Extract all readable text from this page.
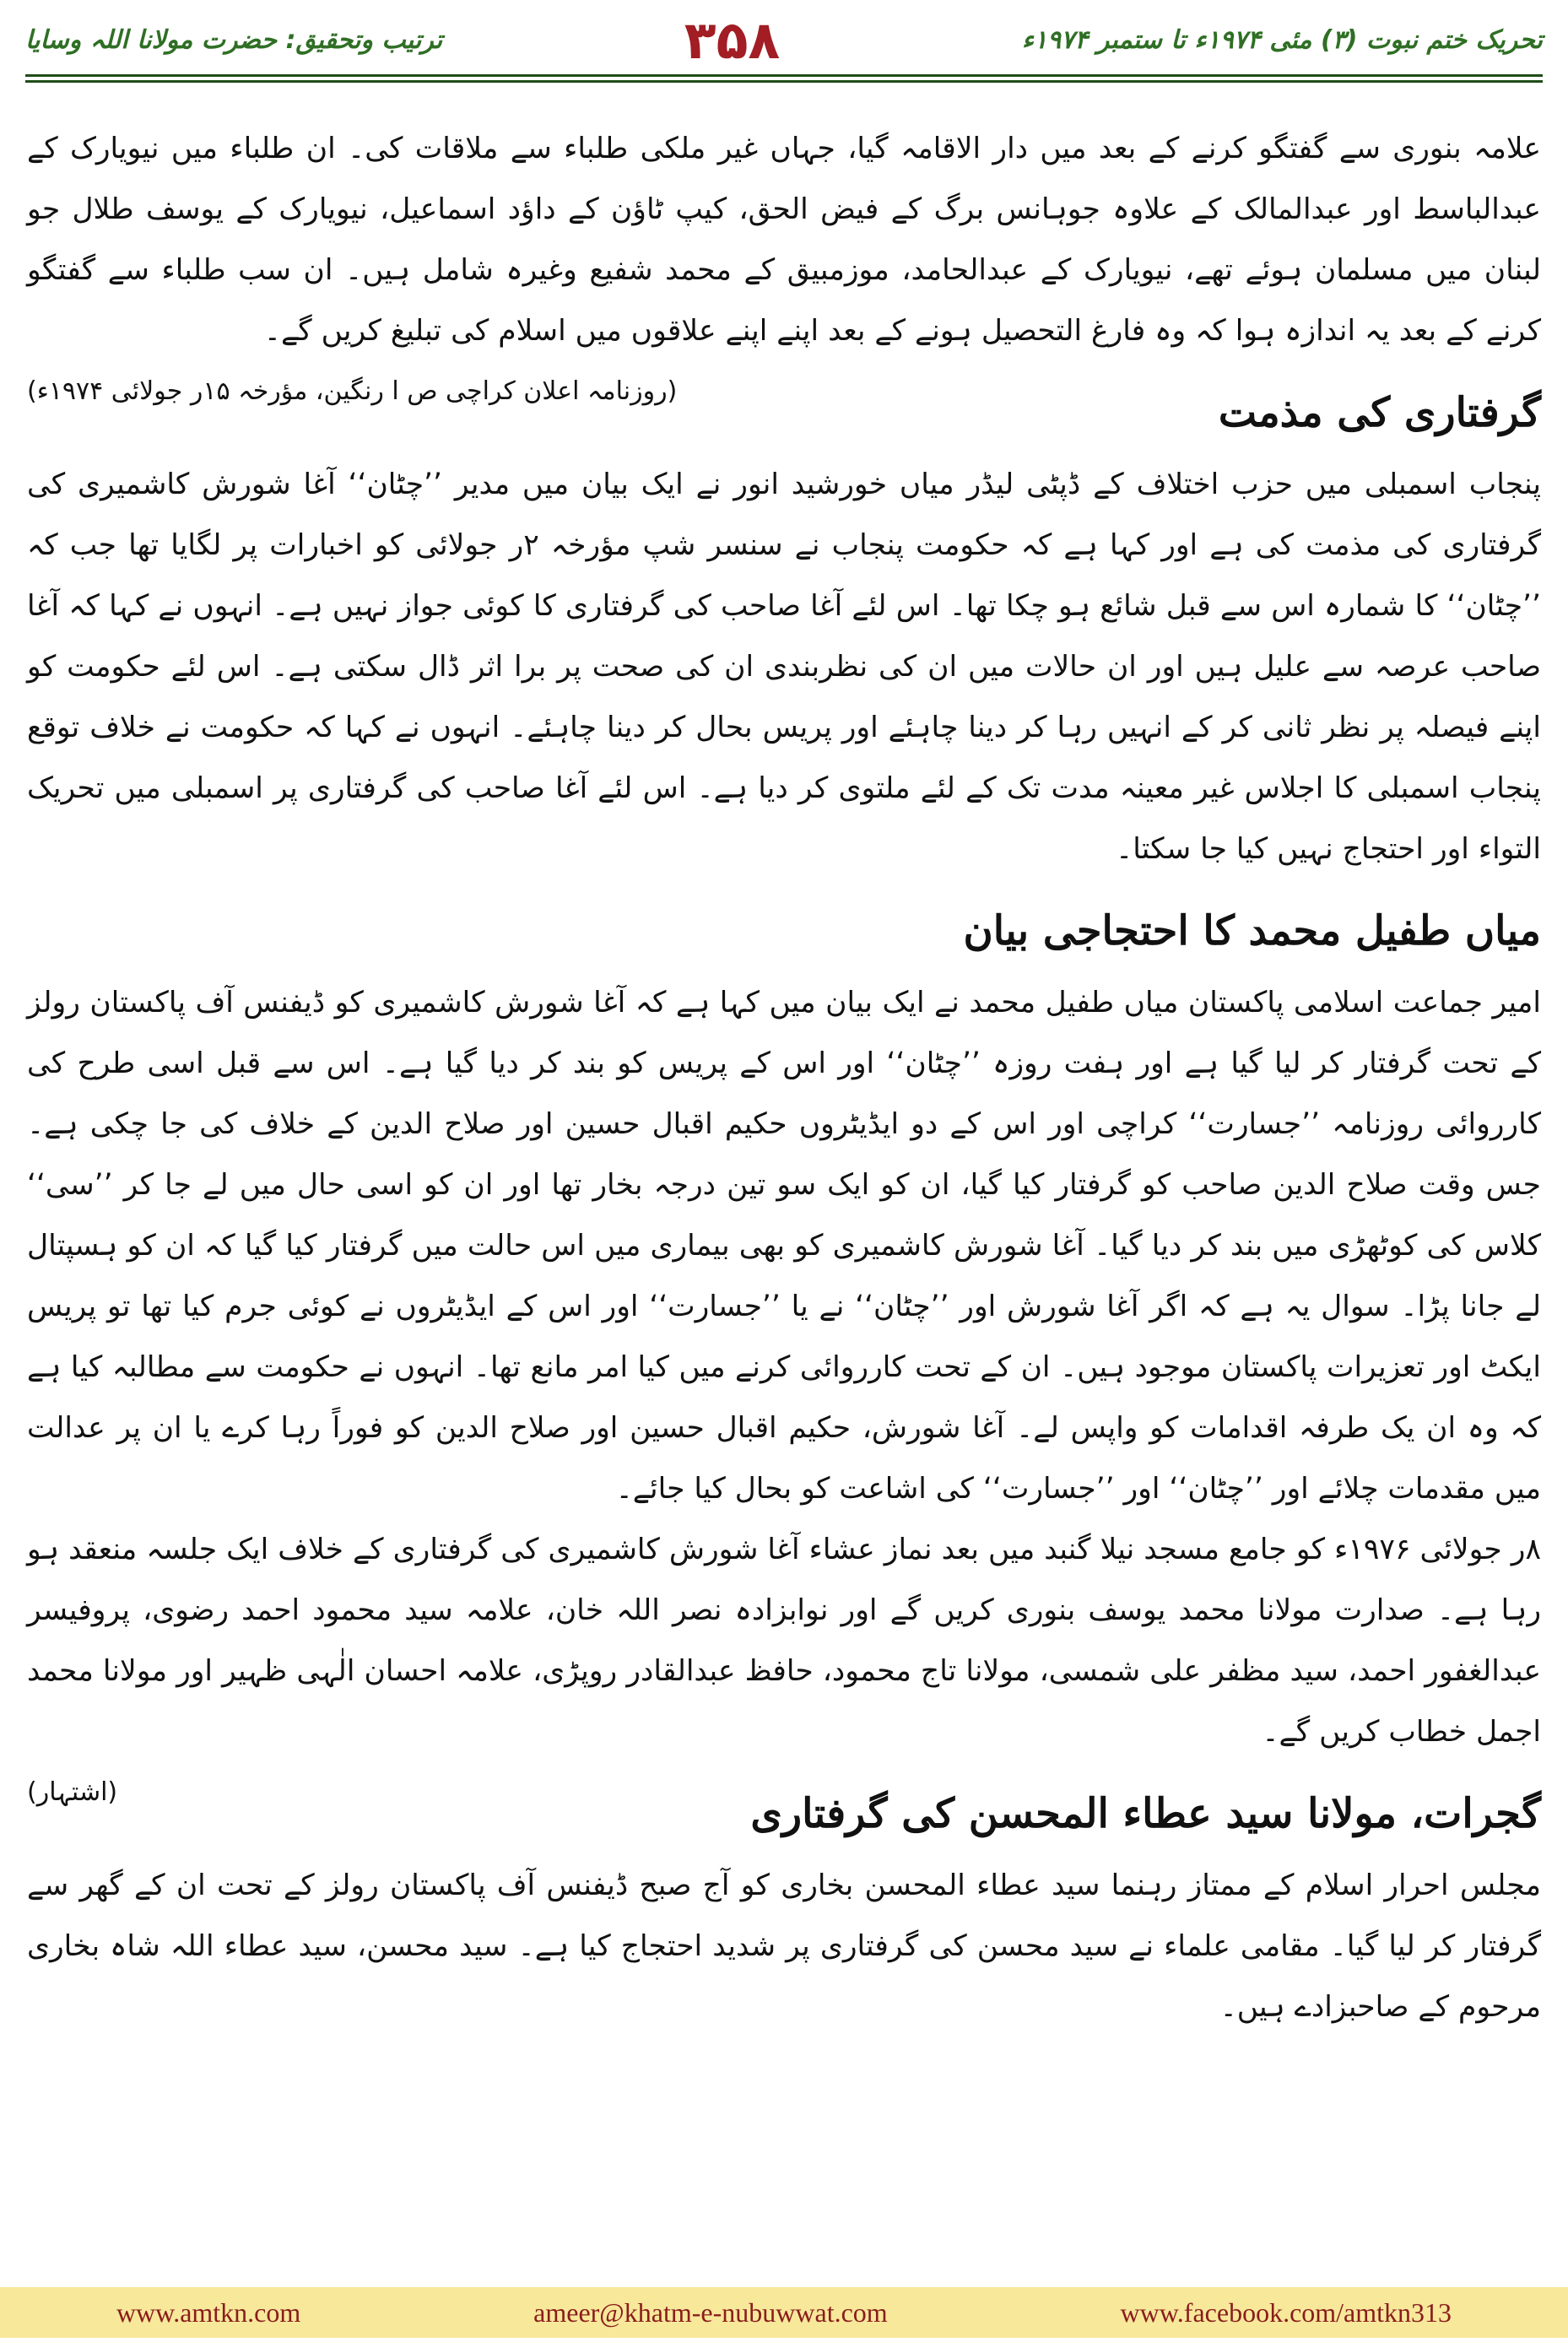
تحریک ختم نبوت (۳) مئی ۱۹۷۴ء تا ستمبر ۱۹۷۴ء
۳۵۸
ترتیب وتحقیق: حضرت مولانا اللہ وسایا

علامہ بنوری سے گفتگو کرنے کے بعد میں دار الاقامہ گیا، جہاں غیر ملکی طلباء سے ملاقات کی۔ ان طلباء میں نیویارک کے عبدالباسط اور عبدالمالک کے علاوہ جوہانس برگ کے فیض الحق، کیپ ٹاؤن کے داؤد اسماعیل، نیویارک کے یوسف طلال جو لبنان میں مسلمان ہوئے تھے، نیویارک کے عبدالحامد، موزمبیق کے محمد شفیع وغیرہ شامل ہیں۔ ان سب طلباء سے گفتگو کرنے کے بعد یہ اندازہ ہوا کہ وہ فارغ التحصیل ہونے کے بعد اپنے اپنے علاقوں میں اسلام کی تبلیغ کریں گے۔

(روزنامہ اعلان کراچی ص ا رنگین، مؤرخہ ۱۵ر جولائی ۱۹۷۴ء)	گرفتاری کی مذمت

پنجاب اسمبلی میں حزب اختلاف کے ڈپٹی لیڈر میاں خورشید انور نے ایک بیان میں مدیر ’’چٹان‘‘ آغا شورش کاشمیری کی گرفتاری کی مذمت کی ہے اور کہا ہے کہ حکومت پنجاب نے سنسر شپ مؤرخہ ۲ر جولائی کو اخبارات پر لگایا تھا جب کہ ’’چٹان‘‘ کا شمارہ اس سے قبل شائع ہو چکا تھا۔ اس لئے آغا صاحب کی گرفتاری کا کوئی جواز نہیں ہے۔ انہوں نے کہا کہ آغا صاحب عرصہ سے علیل ہیں اور ان حالات میں ان کی نظربندی ان کی صحت پر برا اثر ڈال سکتی ہے۔ اس لئے حکومت کو اپنے فیصلہ پر نظر ثانی کر کے انہیں رہا کر دینا چاہئے اور پریس بحال کر دینا چاہئے۔ انہوں نے کہا کہ حکومت نے خلاف توقع پنجاب اسمبلی کا اجلاس غیر معینہ مدت تک کے لئے ملتوی کر دیا ہے۔ اس لئے آغا صاحب کی گرفتاری پر اسمبلی میں تحریک التواء اور احتجاج نہیں کیا جا سکتا۔

میاں طفیل محمد کا احتجاجی بیان

امیر جماعت اسلامی پاکستان میاں طفیل محمد نے ایک بیان میں کہا ہے کہ آغا شورش کاشمیری کو ڈیفنس آف پاکستان رولز کے تحت گرفتار کر لیا گیا ہے اور ہفت روزہ ’’چٹان‘‘ اور اس کے پریس کو بند کر دیا گیا ہے۔ اس سے قبل اسی طرح کی کارروائی روزنامہ ’’جسارت‘‘ کراچی اور اس کے دو ایڈیٹروں حکیم اقبال حسین اور صلاح الدین کے خلاف کی جا چکی ہے۔ جس وقت صلاح الدین صاحب کو گرفتار کیا گیا، ان کو ایک سو تین درجہ بخار تھا اور ان کو اسی حال میں لے جا کر ’’سی‘‘ کلاس کی کوٹھڑی میں بند کر دیا گیا۔ آغا شورش کاشمیری کو بھی بیماری میں اس حالت میں گرفتار کیا گیا کہ ان کو ہسپتال لے جانا پڑا۔ سوال یہ ہے کہ اگر آغا شورش اور ’’چٹان‘‘ نے یا ’’جسارت‘‘ اور اس کے ایڈیٹروں نے کوئی جرم کیا تھا تو پریس ایکٹ اور تعزیرات پاکستان موجود ہیں۔ ان کے تحت کارروائی کرنے میں کیا امر مانع تھا۔ انہوں نے حکومت سے مطالبہ کیا ہے کہ وہ ان یک طرفہ اقدامات کو واپس لے۔ آغا شورش، حکیم اقبال حسین اور صلاح الدین کو فوراً رہا کرے یا ان پر عدالت میں مقدمات چلائے اور ’’چٹان‘‘ اور ’’جسارت‘‘ کی اشاعت کو بحال کیا جائے۔

۸ر جولائی ۱۹۷۶ء کو جامع مسجد نیلا گنبد میں بعد نماز عشاء آغا شورش کاشمیری کی گرفتاری کے خلاف ایک جلسہ منعقد ہو رہا ہے۔ صدارت مولانا محمد یوسف بنوری کریں گے اور نوابزادہ نصر اللہ خان، علامہ سید محمود احمد رضوی، پروفیسر عبدالغفور احمد، سید مظفر علی شمسی، مولانا تاج محمود، حافظ عبدالقادر روپڑی، علامہ احسان الٰہی ظہیر اور مولانا محمد اجمل خطاب کریں گے۔

(اشتہار)	گجرات، مولانا سید عطاء المحسن کی گرفتاری

مجلس احرار اسلام کے ممتاز رہنما سید عطاء المحسن بخاری کو آج صبح ڈیفنس آف پاکستان رولز کے تحت ان کے گھر سے گرفتار کر لیا گیا۔ مقامی علماء نے سید محسن کی گرفتاری پر شدید احتجاج کیا ہے۔ سید محسن، سید عطاء اللہ شاہ بخاری مرحوم کے صاحبزادے ہیں۔

www.amtkn.com	ameer@khatm-e-nubuwwat.com	www.facebook.com/amtkn313
